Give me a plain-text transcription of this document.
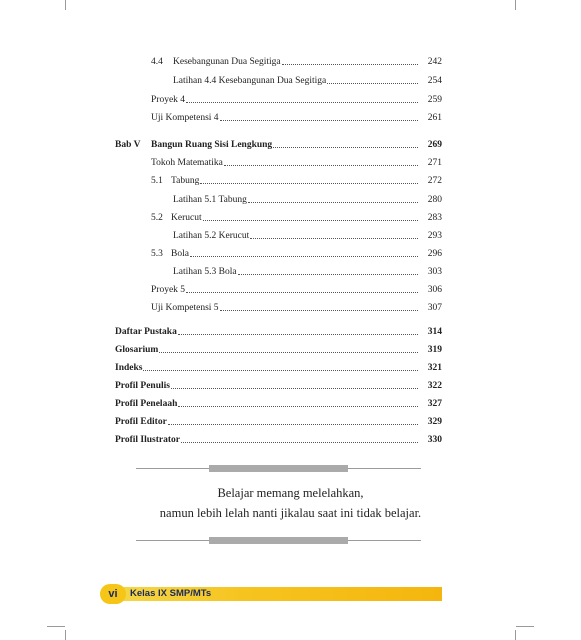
4.4	Kesebangunan Dua Segitiga	242
Latihan 4.4 Kesebangunan Dua Segitiga	254
Proyek 4	259
Uji Kompetensi 4	261
Bab V	Bangun Ruang Sisi Lengkung	269
Tokoh Matematika	271
5.1 Tabung	272
Latihan 5.1 Tabung	280
5.2 Kerucut	283
Latihan 5.2 Kerucut	293
5.3 Bola	296
Latihan 5.3 Bola	303
Proyek 5	306
Uji Kompetensi 5	307
Daftar Pustaka	314
Glosarium	319
Indeks	321
Profil Penulis	322
Profil Penelaah	327
Profil Editor	329
Profil Ilustrator	330
Belajar memang melelahkan,
namun lebih lelah nanti jikalau saat ini tidak belajar.
vi	Kelas IX SMP/MTs
